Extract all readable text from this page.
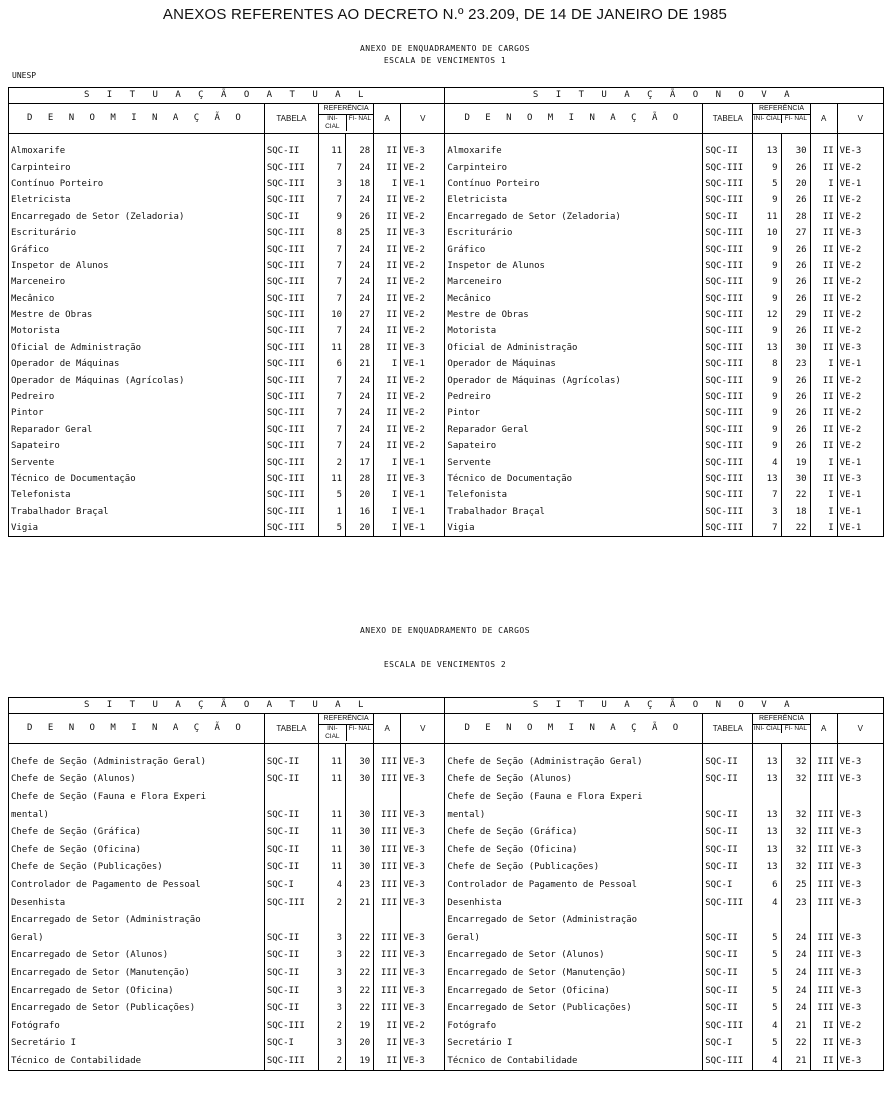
ANEXOS REFERENTES AO DECRETO N.º 23.209, DE 14 DE JANEIRO DE 1985
ANEXO DE ENQUADRAMENTO DE CARGOS
ESCALA DE VENCIMENTOS 1
UNESP
S I T U A Ç Ã O A T U A L						S I T U A Ç Ã O N O V A					
D E N O M I N A Ç Ã O	TABELA	REFERÊNCIA
INI- CIAL
FI- NAL		A	V	D E N O M I N A Ç Ã O	TABELA	REFERÊNCIA
INI- CIAL FI- NAL		A	V

Almoxarife	SQC-II	11	28	II	VE-3	Almoxarife	SQC-II	13	30	II	VE-3
Carpinteiro	SQC-III	7	24	II	VE-2	Carpinteiro	SQC-III	9	26	II	VE-2
Contínuo Porteiro	SQC-III	3	18	I	VE-1	Contínuo Porteiro	SQC-III	5	20	I	VE-1
Eletricista	SQC-III	7	24	II	VE-2	Eletricista	SQC-III	9	26	II	VE-2
Encarregado de Setor (Zeladoria)	SQC-II	9	26	II	VE-2	Encarregado de Setor (Zeladoria)	SQC-II	11	28	II	VE-2
Escriturário	SQC-III	8	25	II	VE-3	Escriturário	SQC-III	10	27	II	VE-3
Gráfico	SQC-III	7	24	II	VE-2	Gráfico	SQC-III	9	26	II	VE-2
Inspetor de Alunos	SQC-III	7	24	II	VE-2	Inspetor de Alunos	SQC-III	9	26	II	VE-2
Marceneiro	SQC-III	7	24	II	VE-2	Marceneiro	SQC-III	9	26	II	VE-2
Mecânico	SQC-III	7	24	II	VE-2	Mecânico	SQC-III	9	26	II	VE-2
Mestre de Obras	SQC-III	10	27	II	VE-2	Mestre de Obras	SQC-III	12	29	II	VE-2
Motorista	SQC-III	7	24	II	VE-2	Motorista	SQC-III	9	26	II	VE-2
Oficial de Administração	SQC-III	11	28	II	VE-3	Oficial de Administração	SQC-III	13	30	II	VE-3
Operador de Máquinas	SQC-III	6	21	I	VE-1	Operador de Máquinas	SQC-III	8	23	I	VE-1
Operador de Máquinas (Agrícolas)	SQC-III	7	24	II	VE-2	Operador de Máquinas (Agrícolas)	SQC-III	9	26	II	VE-2
Pedreiro	SQC-III	7	24	II	VE-2	Pedreiro	SQC-III	9	26	II	VE-2
Pintor	SQC-III	7	24	II	VE-2	Pintor	SQC-III	9	26	II	VE-2
Reparador Geral	SQC-III	7	24	II	VE-2	Reparador Geral	SQC-III	9	26	II	VE-2
Sapateiro	SQC-III	7	24	II	VE-2	Sapateiro	SQC-III	9	26	II	VE-2
Servente	SQC-III	2	17	I	VE-1	Servente	SQC-III	4	19	I	VE-1
Técnico de Documentação	SQC-III	11	28	II	VE-3	Técnico de Documentação	SQC-III	13	30	II	VE-3
Telefonista	SQC-III	5	20	I	VE-1	Telefonista	SQC-III	7	22	I	VE-1
Trabalhador Braçal	SQC-III	1	16	I	VE-1	Trabalhador Braçal	SQC-III	3	18	I	VE-1
Vigia	SQC-III	5	20	I	VE-1	Vigia	SQC-III	7	22	I	VE-1
ANEXO DE ENQUADRAMENTO DE CARGOS
ESCALA DE VENCIMENTOS 2
S I T U A Ç Ã O A T U A L						S I T U A Ç Ã O N O V A					
D E N O M I N A Ç Ã O	TABELA	REFERÊNCIA
INI- CIAL
FI- NAL		A	V	D E N O M I N A Ç Ã O	TABELA	REFERÊNCIA
INI- CIAL FI- NAL		A	V

Chefe de Seção (Administração Geral)	SQC-II	11	30	III	VE-3	Chefe de Seção (Administração Geral)	SQC-II	13	32	III	VE-3
Chefe de Seção (Alunos)	SQC-II	11	30	III	VE-3	Chefe de Seção (Alunos)	SQC-II	13	32	III	VE-3
Chefe de Seção (Fauna e Flora Experi						Chefe de Seção (Fauna e Flora Experi					
mental)	SQC-II	11	30	III	VE-3	mental)	SQC-II	13	32	III	VE-3
Chefe de Seção (Gráfica)	SQC-II	11	30	III	VE-3	Chefe de Seção (Gráfica)	SQC-II	13	32	III	VE-3
Chefe de Seção (Oficina)	SQC-II	11	30	III	VE-3	Chefe de Seção (Oficina)	SQC-II	13	32	III	VE-3
Chefe de Seção (Publicações)	SQC-II	11	30	III	VE-3	Chefe de Seção (Publicações)	SQC-II	13	32	III	VE-3
Controlador de Pagamento de Pessoal	SQC-I	4	23	III	VE-3	Controlador de Pagamento de Pessoal	SQC-I	6	25	III	VE-3
Desenhista	SQC-III	2	21	III	VE-3	Desenhista	SQC-III	4	23	III	VE-3
Encarregado de Setor (Administração						Encarregado de Setor (Administração					
Geral)	SQC-II	3	22	III	VE-3	Geral)	SQC-II	5	24	III	VE-3
Encarregado de Setor (Alunos)	SQC-II	3	22	III	VE-3	Encarregado de Setor (Alunos)	SQC-II	5	24	III	VE-3
Encarregado de Setor (Manutenção)	SQC-II	3	22	III	VE-3	Encarregado de Setor (Manutenção)	SQC-II	5	24	III	VE-3
Encarregado de Setor (Oficina)	SQC-II	3	22	III	VE-3	Encarregado de Setor (Oficina)	SQC-II	5	24	III	VE-3
Encarregado de Setor (Publicações)	SQC-II	3	22	III	VE-3	Encarregado de Setor (Publicações)	SQC-II	5	24	III	VE-3
Fotógrafo	SQC-III	2	19	II	VE-2	Fotógrafo	SQC-III	4	21	II	VE-2
Secretário I	SQC-I	3	20	II	VE-3	Secretário I	SQC-I	5	22	II	VE-3
Técnico de Contabilidade	SQC-III	2	19	II	VE-3	Técnico de Contabilidade	SQC-III	4	21	II	VE-3
